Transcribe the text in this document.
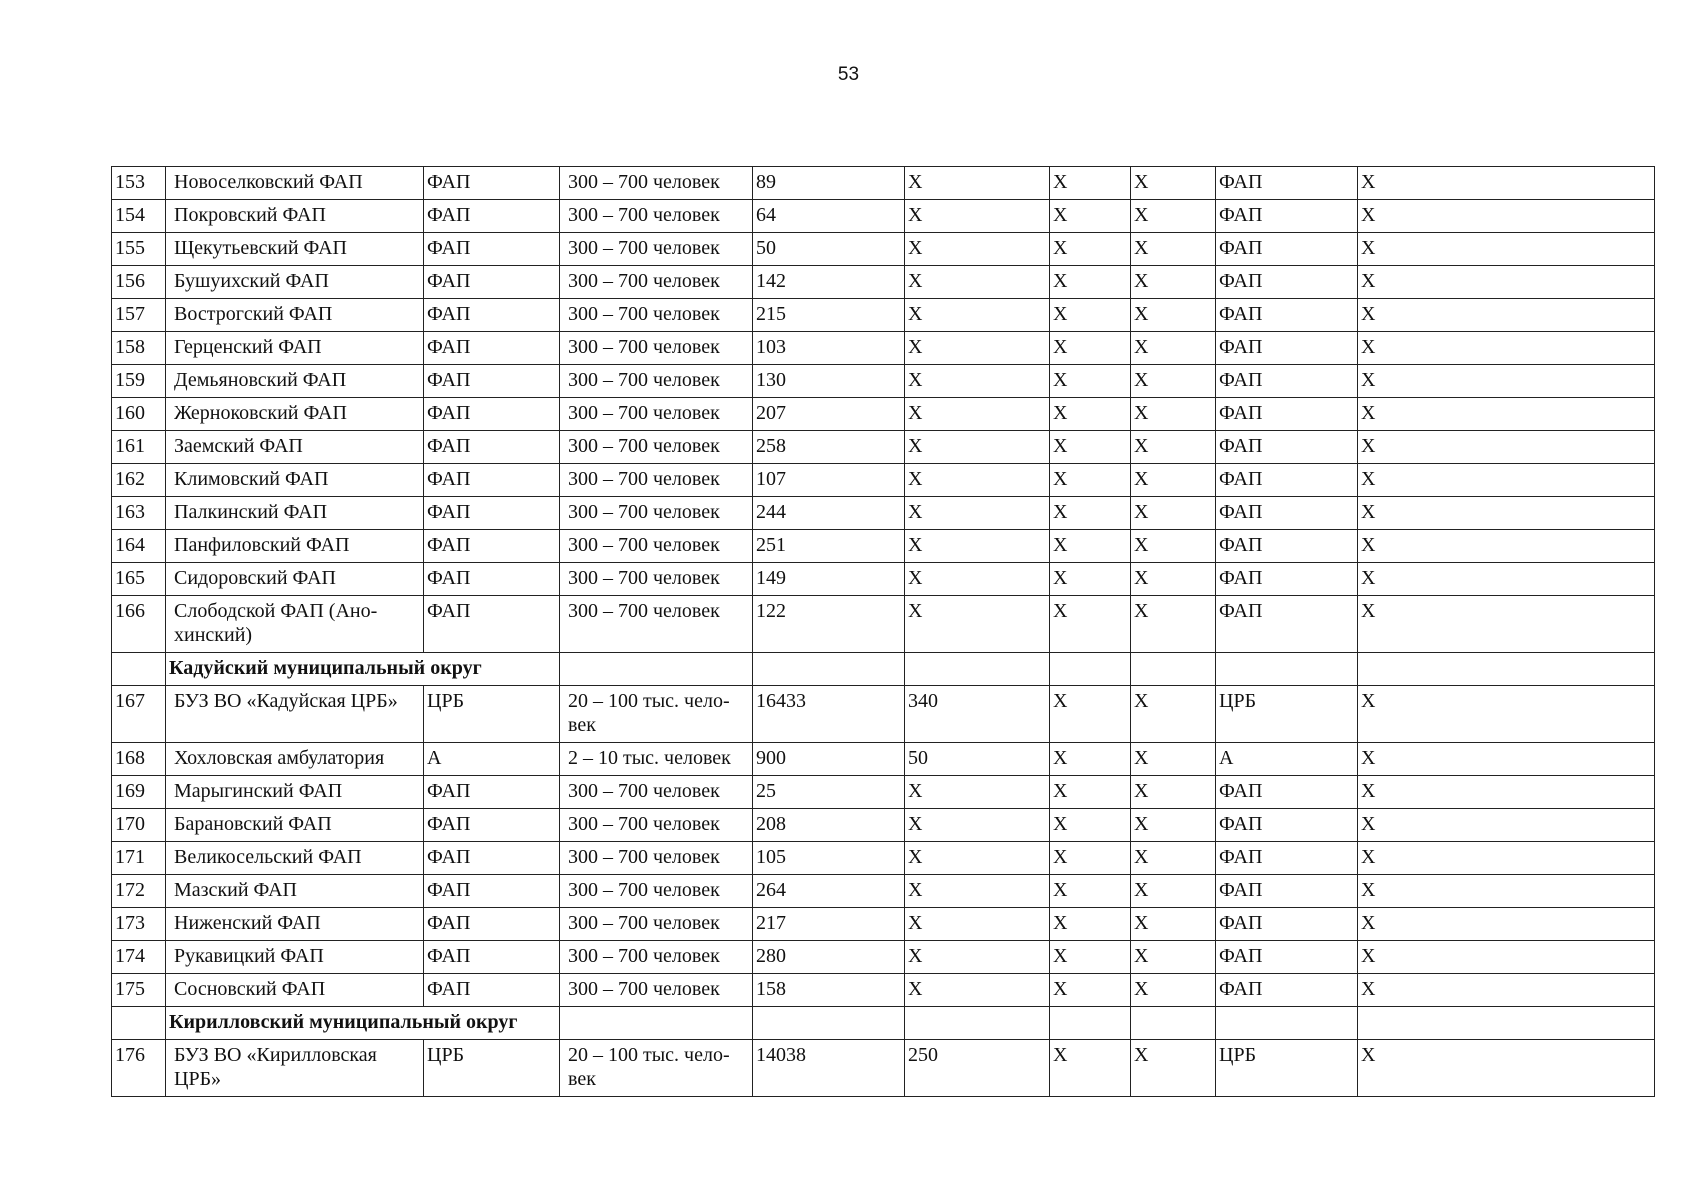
53
153	Новоселковский ФАП	ФАП	300 – 700 человек	89	X	X	X	ФАП	X
154	Покровский ФАП	ФАП	300 – 700 человек	64	X	X	X	ФАП	X
155	Щекутьевский ФАП	ФАП	300 – 700 человек	50	X	X	X	ФАП	X
156	Бушуихский ФАП	ФАП	300 – 700 человек	142	X	X	X	ФАП	X
157	Вострогский ФАП	ФАП	300 – 700 человек	215	X	X	X	ФАП	X
158	Герценский ФАП	ФАП	300 – 700 человек	103	X	X	X	ФАП	X
159	Демьяновский ФАП	ФАП	300 – 700 человек	130	X	X	X	ФАП	X
160	Жерноковский ФАП	ФАП	300 – 700 человек	207	X	X	X	ФАП	X
161	Заемский ФАП	ФАП	300 – 700 человек	258	X	X	X	ФАП	X
162	Климовский ФАП	ФАП	300 – 700 человек	107	X	X	X	ФАП	X
163	Палкинский ФАП	ФАП	300 – 700 человек	244	X	X	X	ФАП	X
164	Панфиловский ФАП	ФАП	300 – 700 человек	251	X	X	X	ФАП	X
165	Сидоровский ФАП	ФАП	300 – 700 человек	149	X	X	X	ФАП	X
166	Слободской ФАП (Ано-хинский)	ФАП	300 – 700 человек	122	X	X	X	ФАП	X
	Кадуйский муниципальный округ								
167	БУЗ ВО «Кадуйская ЦРБ»	ЦРБ	20 – 100 тыс. чело-век	16433	340	X	X	ЦРБ	X
168	Хохловская амбулатория	А	2 – 10 тыс. человек	900	50	X	X	А	X
169	Марыгинский ФАП	ФАП	300 – 700 человек	25	X	X	X	ФАП	X
170	Барановский ФАП	ФАП	300 – 700 человек	208	X	X	X	ФАП	X
171	Великосельский ФАП	ФАП	300 – 700 человек	105	X	X	X	ФАП	X
172	Мазский ФАП	ФАП	300 – 700 человек	264	X	X	X	ФАП	X
173	Ниженский ФАП	ФАП	300 – 700 человек	217	X	X	X	ФАП	X
174	Рукавицкий ФАП	ФАП	300 – 700 человек	280	X	X	X	ФАП	X
175	Сосновский ФАП	ФАП	300 – 700 человек	158	X	X	X	ФАП	X
	Кирилловский муниципальный округ								
176	БУЗ ВО «Кирилловская ЦРБ»	ЦРБ	20 – 100 тыс. чело-век	14038	250	X	X	ЦРБ	X
